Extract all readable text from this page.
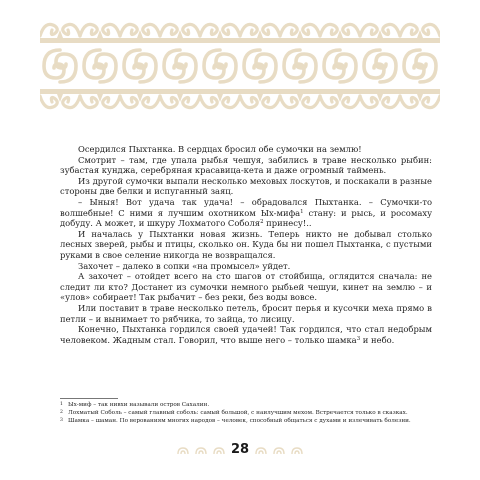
Осердился Пыхтанка. В сердцах бросил обе сумочки на землю!

Смотрит – там, где упала рыбья чешуя, забились в траве несколько рыбин: зубастая кунджа, серебряная красавица-кета и даже огромный таймень.

Из другой сумочки выпали несколько меховых лоскутов, и поскакали в разные стороны две белки и испуганный заяц.

– Ыныя! Вот удача так удача! – обрадовался Пыхтанка. – Сумочки-то волшебные! С ними я лучшим охотником Ых-мифа$^1$ стану: и рысь, и росомаху добуду. А может, и шкуру Лохматого Соболя$^2$ принесу!..

И началась у Пыхтанки новая жизнь. Теперь никто не добывал столько лесных зверей, рыбы и птицы, сколько он. Куда бы ни пошел Пыхтанка, с пустыми руками в свое селение никогда не возвращался.

Захочет – далеко в сопки «на промысел» уйдет.

А захочет – отойдет всего на сто шагов от стойбища, оглядится сначала: не следит ли кто? Достанет из сумочки немного рыбьей чешуи, кинет на землю – и «улов» собирает! Так рыбачит – без реки, без воды вовсе.

Или поставит в траве несколько петель, бросит перья и кусочки меха прямо в петли – и вынимает то рябчика, то зайца, то лисицу.

Конечно, Пыхтанка гордился своей удачей! Так гордился, что стал недобрым человеком. Жадным стал. Говорил, что выше него – только шамка$^3$ и небо.

1 Ых-миф – так нивхи называли остров Сахалин.
2 Лохматый Соболь – самый главный соболь: самый большой, с наилучшим мехом. Встречается только в сказках.
3 Шамка – шаман. По верованиям многих народов – человек, способный общаться с духами и излечивать болезни.
28
